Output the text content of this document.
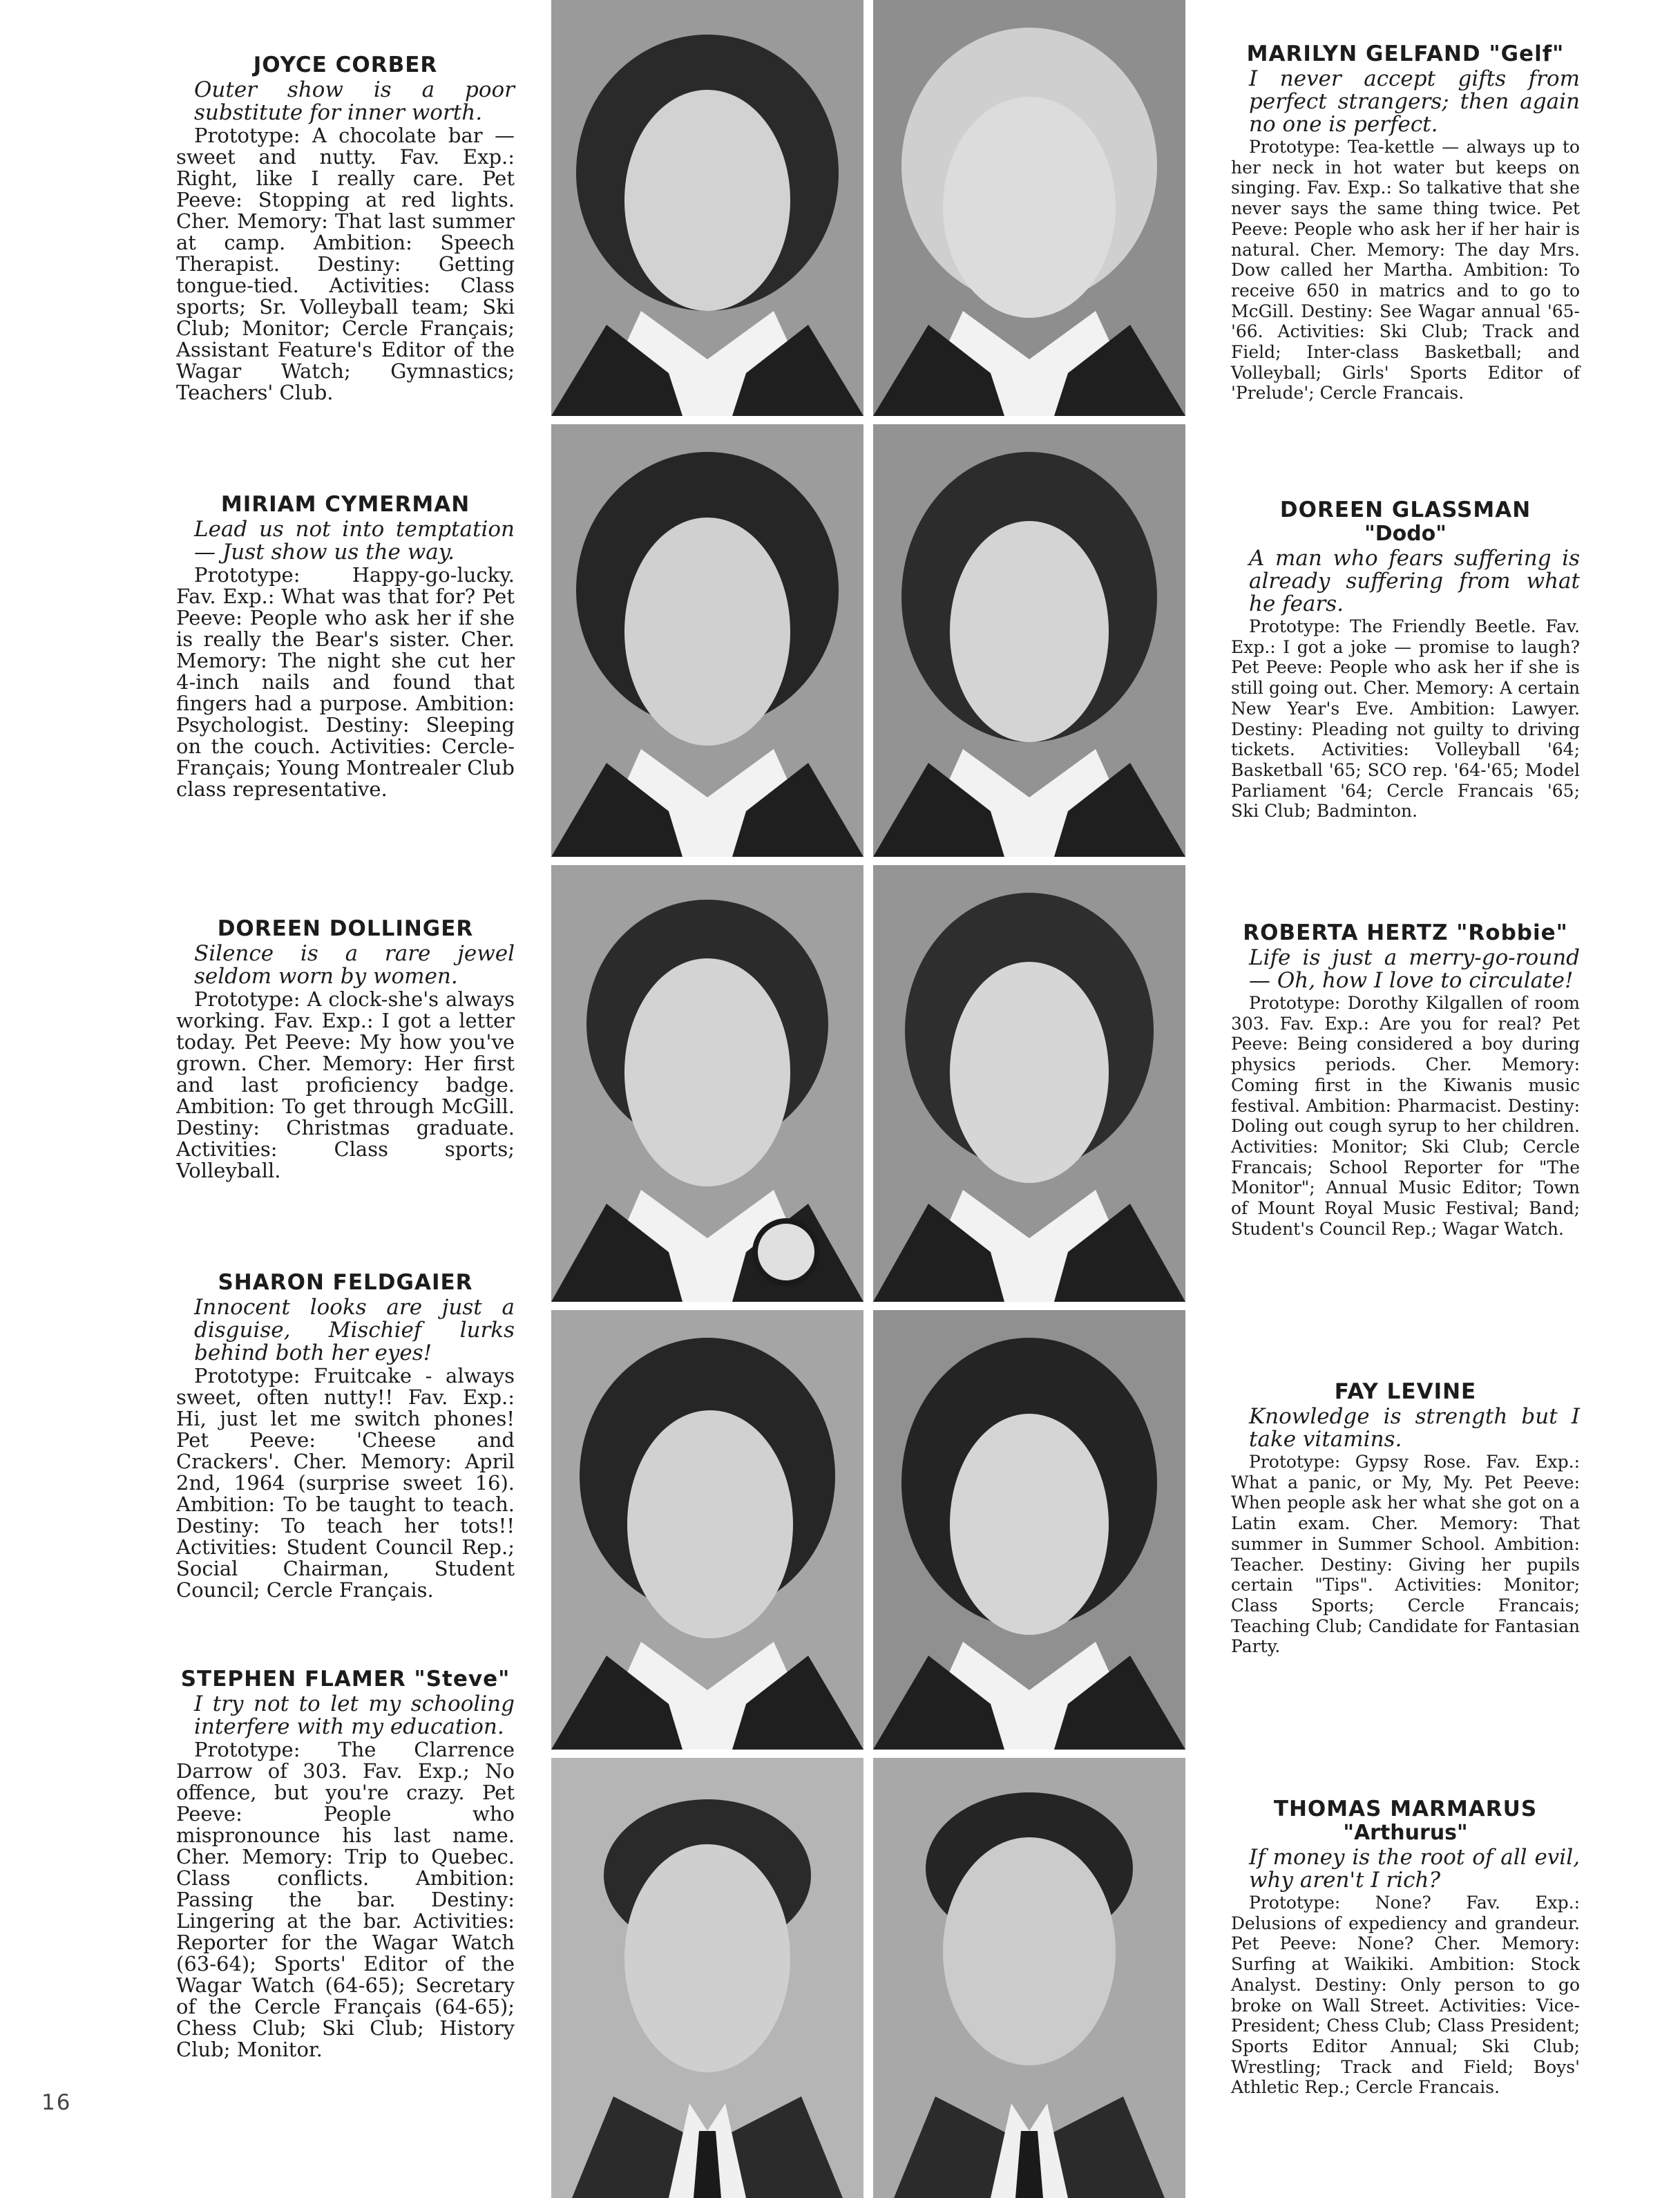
JOYCE CORBER
Outer show is a poor substitute for inner worth.
Prototype: A chocolate bar — sweet and nutty. Fav. Exp.: Right, like I really care. Pet Peeve: Stopping at red lights. Cher. Memory: That last summer at camp. Ambition: Speech Therapist. Destiny: Getting tongue-tied. Activities: Class sports; Sr. Volleyball team; Ski Club; Monitor; Cercle Français; Assistant Feature's Editor of the Wagar Watch; Gymnastics; Teachers' Club.
MIRIAM CYMERMAN
Lead us not into temptation — Just show us the way.
Prototype: Happy-go-lucky. Fav. Exp.: What was that for? Pet Peeve: People who ask her if she is really the Bear's sister. Cher. Memory: The night she cut her 4-inch nails and found that fingers had a purpose. Ambition: Psychologist. Destiny: Sleeping on the couch. Activities: Cercle-Français; Young Montrealer Club class representative.
DOREEN DOLLINGER
Silence is a rare jewel seldom worn by women.
Prototype: A clock-she's always working. Fav. Exp.: I got a letter today. Pet Peeve: My how you've grown. Cher. Memory: Her first and last proficiency badge. Ambition: To get through McGill. Destiny: Christmas graduate. Activities: Class sports; Volleyball.
SHARON FELDGAIER
Innocent looks are just a disguise, Mischief lurks behind both her eyes!
Prototype: Fruitcake - always sweet, often nutty!! Fav. Exp.: Hi, just let me switch phones! Pet Peeve: 'Cheese and Crackers'. Cher. Memory: April 2nd, 1964 (surprise sweet 16). Ambition: To be taught to teach. Destiny: To teach her tots!! Activities: Student Council Rep.; Social Chairman, Student Council; Cercle Français.
STEPHEN FLAMER "Steve"
I try not to let my schooling interfere with my education.
Prototype: The Clarrence Darrow of 303. Fav. Exp.; No offence, but you're crazy. Pet Peeve: People who mispronounce his last name. Cher. Memory: Trip to Quebec. Class conflicts. Ambition: Passing the bar. Destiny: Lingering at the bar. Activities: Reporter for the Wagar Watch (63-64); Sports' Editor of the Wagar Watch (64-65); Secretary of the Cercle Français (64-65); Chess Club; Ski Club; History Club; Monitor.
MARILYN GELFAND "Gelf"
I never accept gifts from perfect strangers; then again no one is perfect.
Prototype: Tea-kettle — always up to her neck in hot water but keeps on singing. Fav. Exp.: So talkative that she never says the same thing twice. Pet Peeve: People who ask her if her hair is natural. Cher. Memory: The day Mrs. Dow called her Martha. Ambition: To receive 650 in matrics and to go to McGill. Destiny: See Wagar annual '65-'66. Activities: Ski Club; Track and Field; Inter-class Basketball; and Volleyball; Girls' Sports Editor of 'Prelude'; Cercle Francais.
DOREEN GLASSMAN
"Dodo"
A man who fears suffering is already suffering from what he fears.
Prototype: The Friendly Beetle. Fav. Exp.: I got a joke — promise to laugh? Pet Peeve: People who ask her if she is still going out. Cher. Memory: A certain New Year's Eve. Ambition: Lawyer. Destiny: Pleading not guilty to driving tickets. Activities: Volleyball '64; Basketball '65; SCO rep. '64-'65; Model Parliament '64; Cercle Francais '65; Ski Club; Badminton.
ROBERTA HERTZ "Robbie"
Life is just a merry-go-round — Oh, how I love to circulate!
Prototype: Dorothy Kilgallen of room 303. Fav. Exp.: Are you for real? Pet Peeve: Being considered a boy during physics periods. Cher. Memory: Coming first in the Kiwanis music festival. Ambition: Pharmacist. Destiny: Doling out cough syrup to her children. Activities: Monitor; Ski Club; Cercle Francais; School Reporter for "The Monitor"; Annual Music Editor; Town of Mount Royal Music Festival; Band; Student's Council Rep.; Wagar Watch.
FAY LEVINE
Knowledge is strength but I take vitamins.
Prototype: Gypsy Rose. Fav. Exp.: What a panic, or My, My. Pet Peeve: When people ask her what she got on a Latin exam. Cher. Memory: That summer in Summer School. Ambition: Teacher. Destiny: Giving her pupils certain "Tips". Activities: Monitor; Class Sports; Cercle Francais; Teaching Club; Candidate for Fantasian Party.
THOMAS MARMARUS
"Arthurus"
If money is the root of all evil, why aren't I rich?
Prototype: None? Fav. Exp.: Delusions of expediency and grandeur. Pet Peeve: None? Cher. Memory: Surfing at Waikiki. Ambition: Stock Analyst. Destiny: Only person to go broke on Wall Street. Activities: Vice-President; Chess Club; Class President; Sports Editor Annual; Ski Club; Wrestling; Track and Field; Boys' Athletic Rep.; Cercle Francais.
16
